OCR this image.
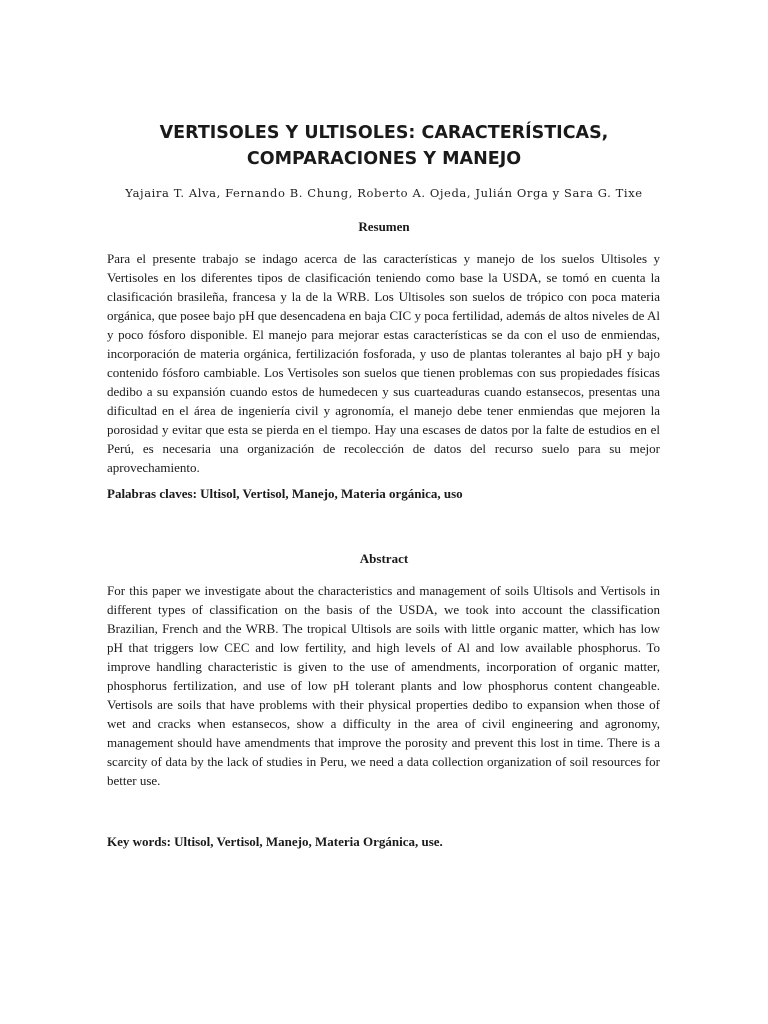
VERTISOLES Y ULTISOLES: CARACTERÍSTICAS,
COMPARACIONES Y MANEJO
Yajaira T. Alva, Fernando B. Chung, Roberto A. Ojeda, Julián Orga y Sara G. Tixe
Resumen

Para el presente trabajo se indago acerca de las características y manejo de los suelos Ultisoles y Vertisoles en los diferentes tipos de clasificación teniendo como base la USDA, se tomó en cuenta la clasificación brasileña, francesa y la de la WRB. Los Ultisoles son suelos de trópico con poca materia orgánica, que posee bajo pH que desencadena en baja CIC y poca fertilidad, además de altos niveles de Al y poco fósforo disponible. El manejo para mejorar estas características se da con el uso de enmiendas, incorporación de materia orgánica, fertilización fosforada, y uso de plantas tolerantes al bajo pH y bajo contenido fósforo cambiable. Los Vertisoles son suelos que tienen problemas con sus propiedades físicas dedibo a su expansión cuando estos de humedecen y sus cuarteaduras cuando estansecos, presentas una dificultad en el área de ingeniería civil y agronomía, el manejo debe tener enmiendas que mejoren la porosidad y evitar que esta se pierda en el tiempo. Hay una escases de datos por la falte de estudios en el Perú, es necesaria una organización de recolección de datos del recurso suelo para su mejor aprovechamiento.

Palabras claves: Ultisol, Vertisol, Manejo, Materia orgánica, uso
Abstract

For this paper we investigate about the characteristics and management of soils Ultisols and Vertisols in different types of classification on the basis of the USDA, we took into account the classification Brazilian, French and the WRB. The tropical Ultisols are soils with little organic matter, which has low pH that triggers low CEC and low fertility, and high levels of Al and low available phosphorus. To improve handling characteristic is given to the use of amendments, incorporation of organic matter, phosphorus fertilization, and use of low pH tolerant plants and low phosphorus content changeable. Vertisols are soils that have problems with their physical properties dedibo to expansion when those of wet and cracks when estansecos, show a difficulty in the area of civil engineering and agronomy, management should have amendments that improve the porosity and prevent this lost in time. There is a scarcity of data by the lack of studies in Peru, we need a data collection organization of soil resources for better use.

Key words: Ultisol, Vertisol, Manejo, Materia Orgánica, use.
